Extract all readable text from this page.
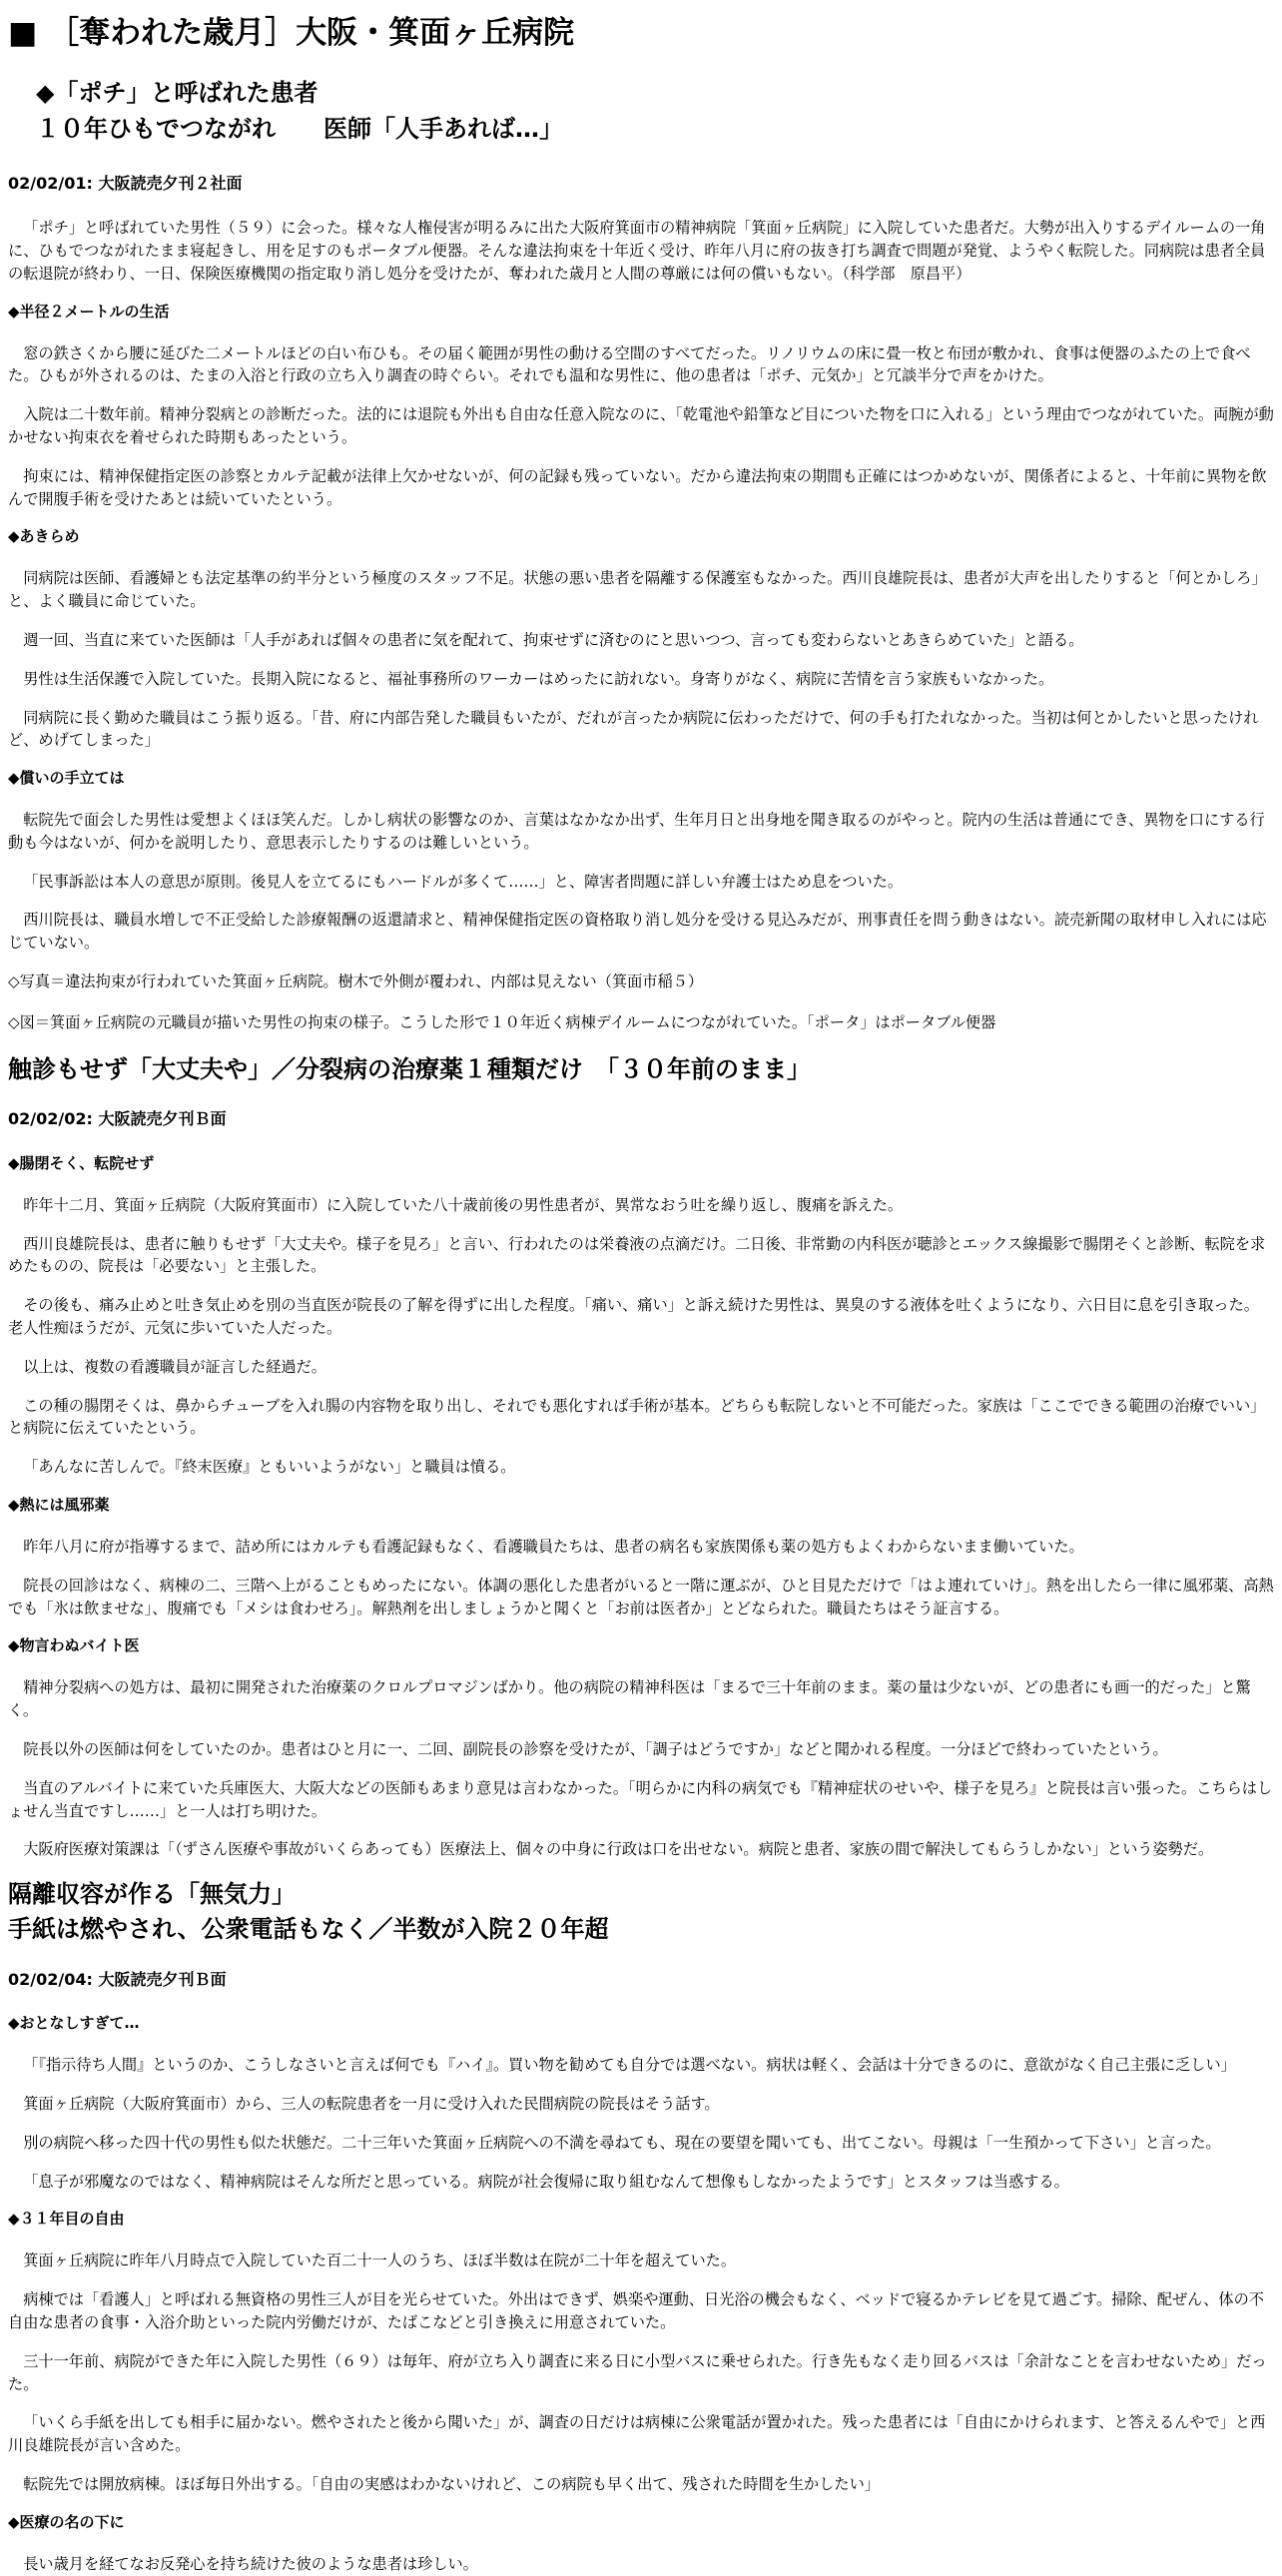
■ ［奪われた歳月］大阪・箕面ヶ丘病院
◆「ポチ」と呼ばれた患者
１０年ひもでつながれ　　医師「人手あれば…」
02/02/01: 大阪読売夕刊２社面

「ポチ」と呼ばれていた男性（５９）に会った。様々な人権侵害が明るみに出た大阪府箕面市の精神病院「箕面ヶ丘病院」に入院していた患者だ。大勢が出入りするデイルームの一角に、ひもでつながれたまま寝起きし、用を足すのもポータブル便器。そんな違法拘束を十年近く受け、昨年八月に府の抜き打ち調査で問題が発覚、ようやく転院した。同病院は患者全員の転退院が終わり、一日、保険医療機関の指定取り消し処分を受けたが、奪われた歳月と人間の尊厳には何の償いもない。（科学部　原昌平）

◆半径２メートルの生活

窓の鉄さくから腰に延びた二メートルほどの白い布ひも。その届く範囲が男性の動ける空間のすべてだった。リノリウムの床に畳一枚と布団が敷かれ、食事は便器のふたの上で食べた。ひもが外されるのは、たまの入浴と行政の立ち入り調査の時ぐらい。それでも温和な男性に、他の患者は「ポチ、元気か」と冗談半分で声をかけた。

入院は二十数年前。精神分裂病との診断だった。法的には退院も外出も自由な任意入院なのに、「乾電池や鉛筆など目についた物を口に入れる」という理由でつながれていた。両腕が動かせない拘束衣を着せられた時期もあったという。

拘束には、精神保健指定医の診察とカルテ記載が法律上欠かせないが、何の記録も残っていない。だから違法拘束の期間も正確にはつかめないが、関係者によると、十年前に異物を飲んで開腹手術を受けたあとは続いていたという。

◆あきらめ

同病院は医師、看護婦とも法定基準の約半分という極度のスタッフ不足。状態の悪い患者を隔離する保護室もなかった。西川良雄院長は、患者が大声を出したりすると「何とかしろ」と、よく職員に命じていた。

週一回、当直に来ていた医師は「人手があれば個々の患者に気を配れて、拘束せずに済むのにと思いつつ、言っても変わらないとあきらめていた」と語る。

男性は生活保護で入院していた。長期入院になると、福祉事務所のワーカーはめったに訪れない。身寄りがなく、病院に苦情を言う家族もいなかった。

同病院に長く勤めた職員はこう振り返る。「昔、府に内部告発した職員もいたが、だれが言ったか病院に伝わっただけで、何の手も打たれなかった。当初は何とかしたいと思ったけれど、めげてしまった」

◆償いの手立ては

転院先で面会した男性は愛想よくほほ笑んだ。しかし病状の影響なのか、言葉はなかなか出ず、生年月日と出身地を聞き取るのがやっと。院内の生活は普通にでき、異物を口にする行動も今はないが、何かを説明したり、意思表示したりするのは難しいという。

「民事訴訟は本人の意思が原則。後見人を立てるにもハードルが多くて……」と、障害者問題に詳しい弁護士はため息をついた。

西川院長は、職員水増しで不正受給した診療報酬の返還請求と、精神保健指定医の資格取り消し処分を受ける見込みだが、刑事責任を問う動きはない。読売新聞の取材申し入れには応じていない。

◇写真＝違法拘束が行われていた箕面ヶ丘病院。樹木で外側が覆われ、内部は見えない（箕面市稲５）

◇図＝箕面ヶ丘病院の元職員が描いた男性の拘束の様子。こうした形で１０年近く病棟デイルームにつながれていた。「ポータ」はポータブル便器

触診もせず「大丈夫や」／分裂病の治療薬１種類だけ　「３０年前のまま」
02/02/02: 大阪読売夕刊Ｂ面
◆腸閉そく、転院せず

昨年十二月、箕面ヶ丘病院（大阪府箕面市）に入院していた八十歳前後の男性患者が、異常なおう吐を繰り返し、腹痛を訴えた。

西川良雄院長は、患者に触りもせず「大丈夫や。様子を見ろ」と言い、行われたのは栄養液の点滴だけ。二日後、非常勤の内科医が聴診とエックス線撮影で腸閉そくと診断、転院を求めたものの、院長は「必要ない」と主張した。

その後も、痛み止めと吐き気止めを別の当直医が院長の了解を得ずに出した程度。「痛い、痛い」と訴え続けた男性は、異臭のする液体を吐くようになり、六日目に息を引き取った。老人性痴ほうだが、元気に歩いていた人だった。

以上は、複数の看護職員が証言した経過だ。

この種の腸閉そくは、鼻からチューブを入れ腸の内容物を取り出し、それでも悪化すれば手術が基本。どちらも転院しないと不可能だった。家族は「ここでできる範囲の治療でいい」と病院に伝えていたという。

「あんなに苦しんで。『終末医療』ともいいようがない」と職員は憤る。

◆熱には風邪薬

昨年八月に府が指導するまで、詰め所にはカルテも看護記録もなく、看護職員たちは、患者の病名も家族関係も薬の処方もよくわからないまま働いていた。

院長の回診はなく、病棟の二、三階へ上がることもめったにない。体調の悪化した患者がいると一階に運ぶが、ひと目見ただけで「はよ連れていけ」。熱を出したら一律に風邪薬、高熱でも「氷は飲ませな」、腹痛でも「メシは食わせろ」。解熱剤を出しましょうかと聞くと「お前は医者か」とどなられた。職員たちはそう証言する。

◆物言わぬバイト医

精神分裂病への処方は、最初に開発された治療薬のクロルプロマジンばかり。他の病院の精神科医は「まるで三十年前のまま。薬の量は少ないが、どの患者にも画一的だった」と驚く。

院長以外の医師は何をしていたのか。患者はひと月に一、二回、副院長の診察を受けたが、「調子はどうですか」などと聞かれる程度。一分ほどで終わっていたという。

当直のアルバイトに来ていた兵庫医大、大阪大などの医師もあまり意見は言わなかった。「明らかに内科の病気でも『精神症状のせいや、様子を見ろ』と院長は言い張った。こちらはしょせん当直ですし……」と一人は打ち明けた。

大阪府医療対策課は「（ずさん医療や事故がいくらあっても）医療法上、個々の中身に行政は口を出せない。病院と患者、家族の間で解決してもらうしかない」という姿勢だ。

隔離収容が作る「無気力」
手紙は燃やされ、公衆電話もなく／半数が入院２０年超
02/02/04: 大阪読売夕刊Ｂ面
◆おとなしすぎて…

「『指示待ち人間』というのか、こうしなさいと言えば何でも『ハイ』。買い物を勧めても自分では選べない。病状は軽く、会話は十分できるのに、意欲がなく自己主張に乏しい」

箕面ヶ丘病院（大阪府箕面市）から、三人の転院患者を一月に受け入れた民間病院の院長はそう話す。

別の病院へ移った四十代の男性も似た状態だ。二十三年いた箕面ヶ丘病院への不満を尋ねても、現在の要望を聞いても、出てこない。母親は「一生預かって下さい」と言った。

「息子が邪魔なのではなく、精神病院はそんな所だと思っている。病院が社会復帰に取り組むなんて想像もしなかったようです」とスタッフは当惑する。

◆３１年目の自由

箕面ヶ丘病院に昨年八月時点で入院していた百二十一人のうち、ほぼ半数は在院が二十年を超えていた。

病棟では「看護人」と呼ばれる無資格の男性三人が目を光らせていた。外出はできず、娯楽や運動、日光浴の機会もなく、ベッドで寝るかテレビを見て過ごす。掃除、配ぜん、体の不自由な患者の食事・入浴介助といった院内労働だけが、たばこなどと引き換えに用意されていた。

三十一年前、病院ができた年に入院した男性（６９）は毎年、府が立ち入り調査に来る日に小型バスに乗せられた。行き先もなく走り回るバスは「余計なことを言わせないため」だった。

「いくら手紙を出しても相手に届かない。燃やされたと後から聞いた」が、調査の日だけは病棟に公衆電話が置かれた。残った患者には「自由にかけられます、と答えるんやで」と西川良雄院長が言い含めた。

転院先では開放病棟。ほぼ毎日外出する。「自由の実感はわかないけれど、この病院も早く出て、残された時間を生かしたい」

◆医療の名の下に

長い歳月を経てなお反発心を持ち続けた彼のような患者は珍しい。
